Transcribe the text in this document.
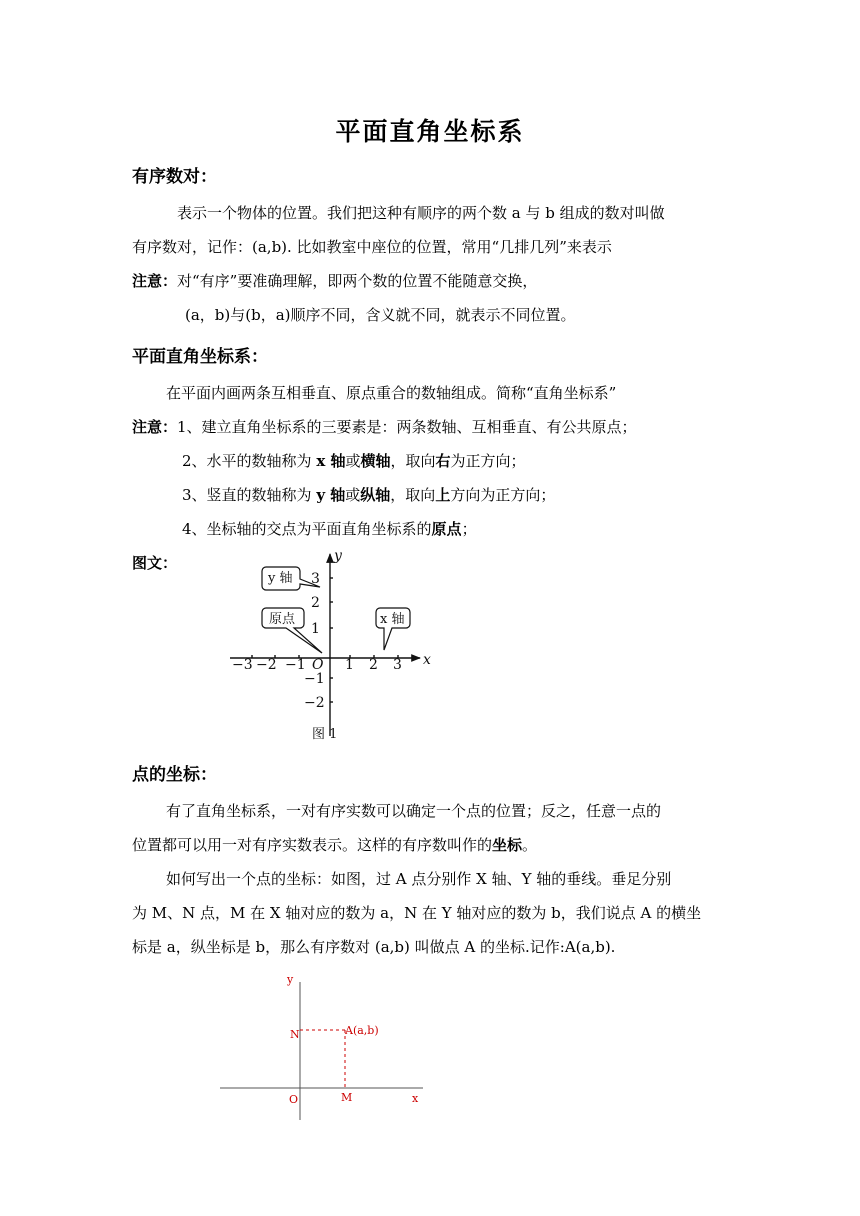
平面直角坐标系
有序数对：
表示一个物体的位置。我们把这种有顺序的两个数 a 与 b 组成的数对叫做
有序数对，记作：(a,b). 比如教室中座位的位置，常用“几排几列”来表示
注意：对“有序”要准确理解，即两个数的位置不能随意交换，
(a，b)与(b，a)顺序不同，含义就不同，就表示不同位置。
平面直角坐标系：
在平面内画两条互相垂直、原点重合的数轴组成。简称“直角坐标系”
注意：1、建立直角坐标系的三要素是：两条数轴、互相垂直、有公共原点；
2、水平的数轴称为 x 轴或横轴，取向右为正方向；
3、竖直的数轴称为 y 轴或纵轴，取向上方向为正方向；
4、坐标轴的交点为平面直角坐标系的原点；
图文：	y
x
O
−3 −2 −1	1 2 3
3
2
1
−1
−2
y 轴
原点	x 轴
图 1
点的坐标：
有了直角坐标系，一对有序实数可以确定一个点的位置；反之，任意一点的
位置都可以用一对有序实数表示。这样的有序数叫作的坐标。
如何写出一个点的坐标：如图，过 A 点分别作 X 轴、Y 轴的垂线。垂足分别
为 M、N 点，M 在 X 轴对应的数为 a，N 在 Y 轴对应的数为 b，我们说点 A 的横坐
标是 a，纵坐标是 b，那么有序数对 (a,b) 叫做点 A 的坐标.记作:A(a,b).
y
x
N
M
O
A(a,b)
